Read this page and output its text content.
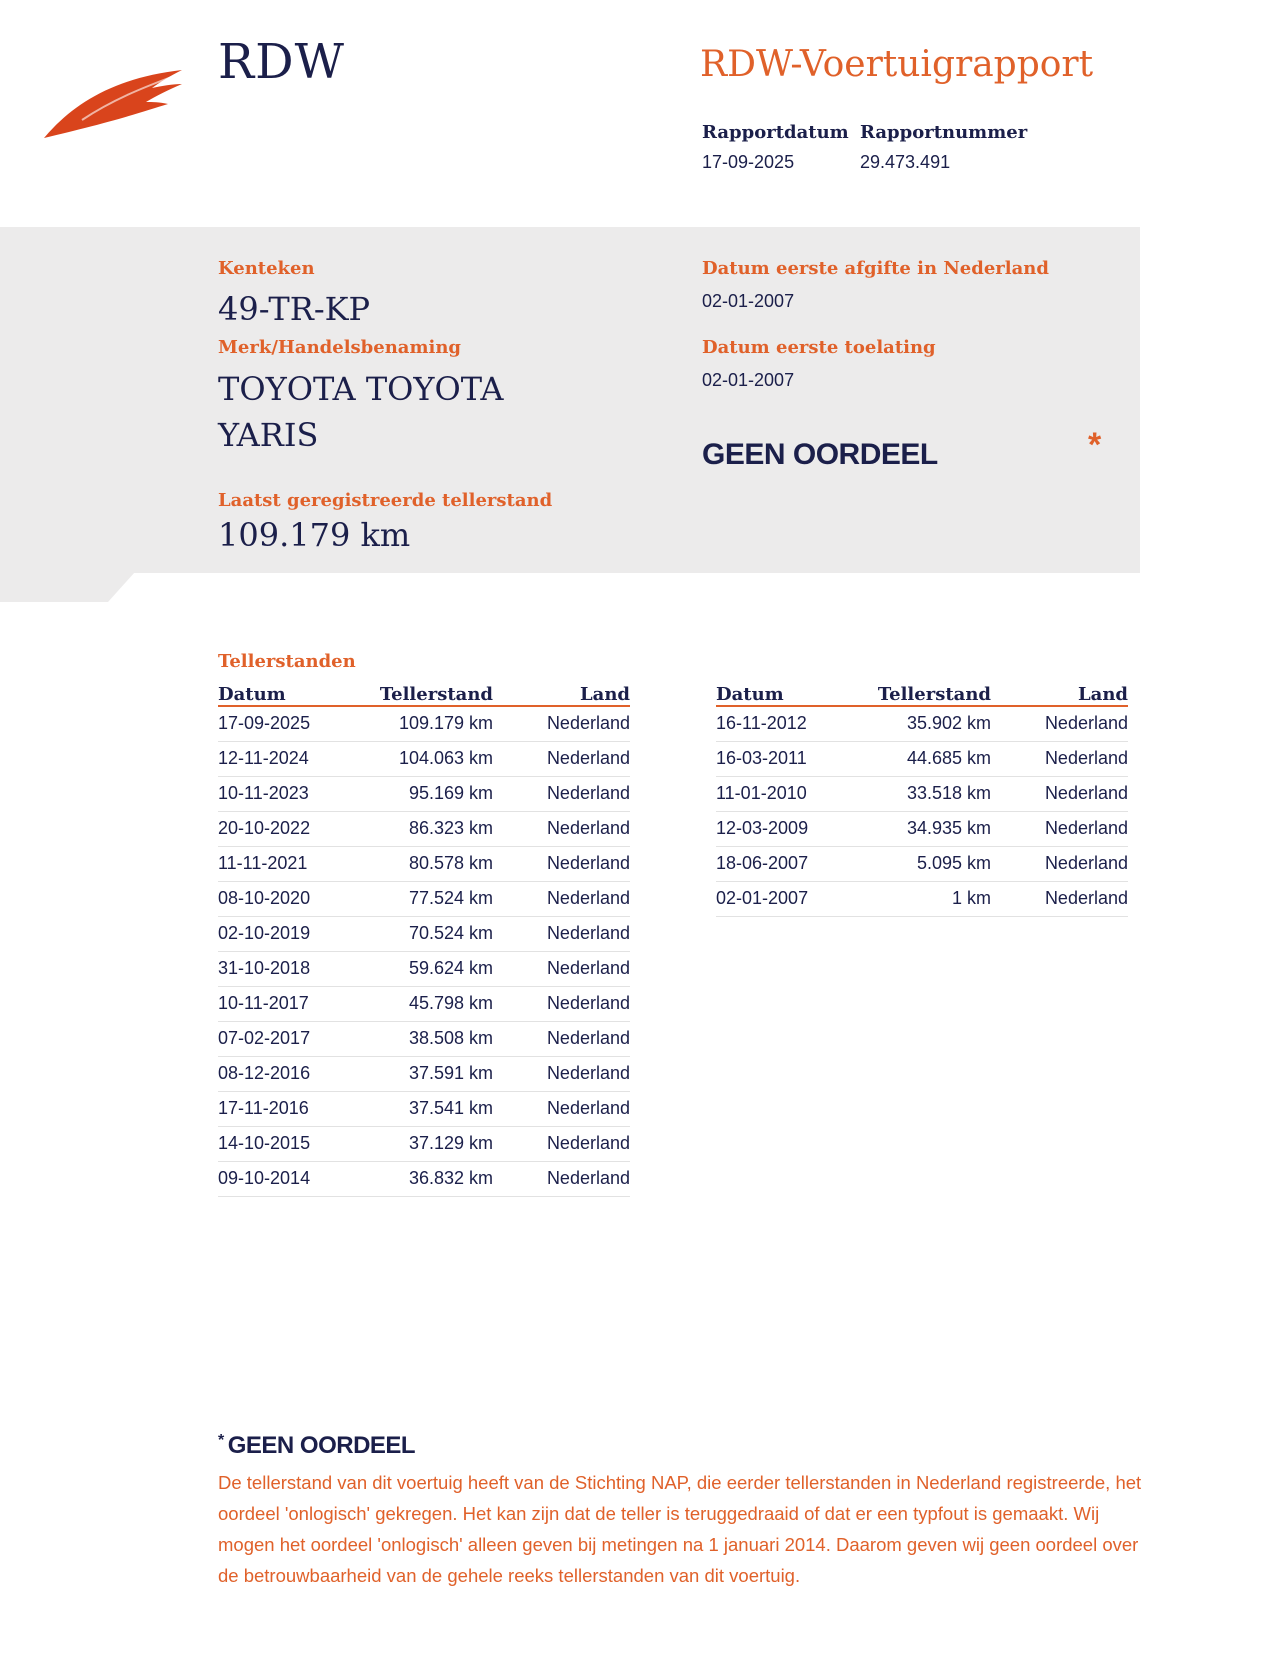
RDW	RDW-Voertuigrapport
Rapportdatum
17-09-2025
Rapportnummer
29.473.491
Kenteken
49-TR-KP
Merk/Handelsbenaming
TOYOTA TOYOTA
YARIS
Laatst geregistreerde tellerstand
109.179 km
Datum eerste afgifte in Nederland
02-01-2007
Datum eerste toelating
02-01-2007
GEEN OORDEEL	*
Tellerstanden
Datum	Tellerstand	Land
17-09-2025	109.179 km	Nederland
12-11-2024	104.063 km	Nederland
10-11-2023	95.169 km	Nederland
20-10-2022	86.323 km	Nederland
11-11-2021	80.578 km	Nederland
08-10-2020	77.524 km	Nederland
02-10-2019	70.524 km	Nederland
31-10-2018	59.624 km	Nederland
10-11-2017	45.798 km	Nederland
07-02-2017	38.508 km	Nederland
08-12-2016	37.591 km	Nederland
17-11-2016	37.541 km	Nederland
14-10-2015	37.129 km	Nederland
09-10-2014	36.832 km	Nederland
Datum	Tellerstand	Land
16-11-2012	35.902 km	Nederland
16-03-2011	44.685 km	Nederland
11-01-2010	33.518 km	Nederland
12-03-2009	34.935 km	Nederland
18-06-2007	5.095 km	Nederland
02-01-2007	1 km	Nederland
* GEEN OORDEEL
De tellerstand van dit voertuig heeft van de Stichting NAP, die eerder tellerstanden in Nederland registreerde, het oordeel 'onlogisch' gekregen. Het kan zijn dat de teller is teruggedraaid of dat er een typfout is gemaakt. Wij mogen het oordeel 'onlogisch' alleen geven bij metingen na 1 januari 2014. Daarom geven wij geen oordeel over de betrouwbaarheid van de gehele reeks tellerstanden van dit voertuig.
